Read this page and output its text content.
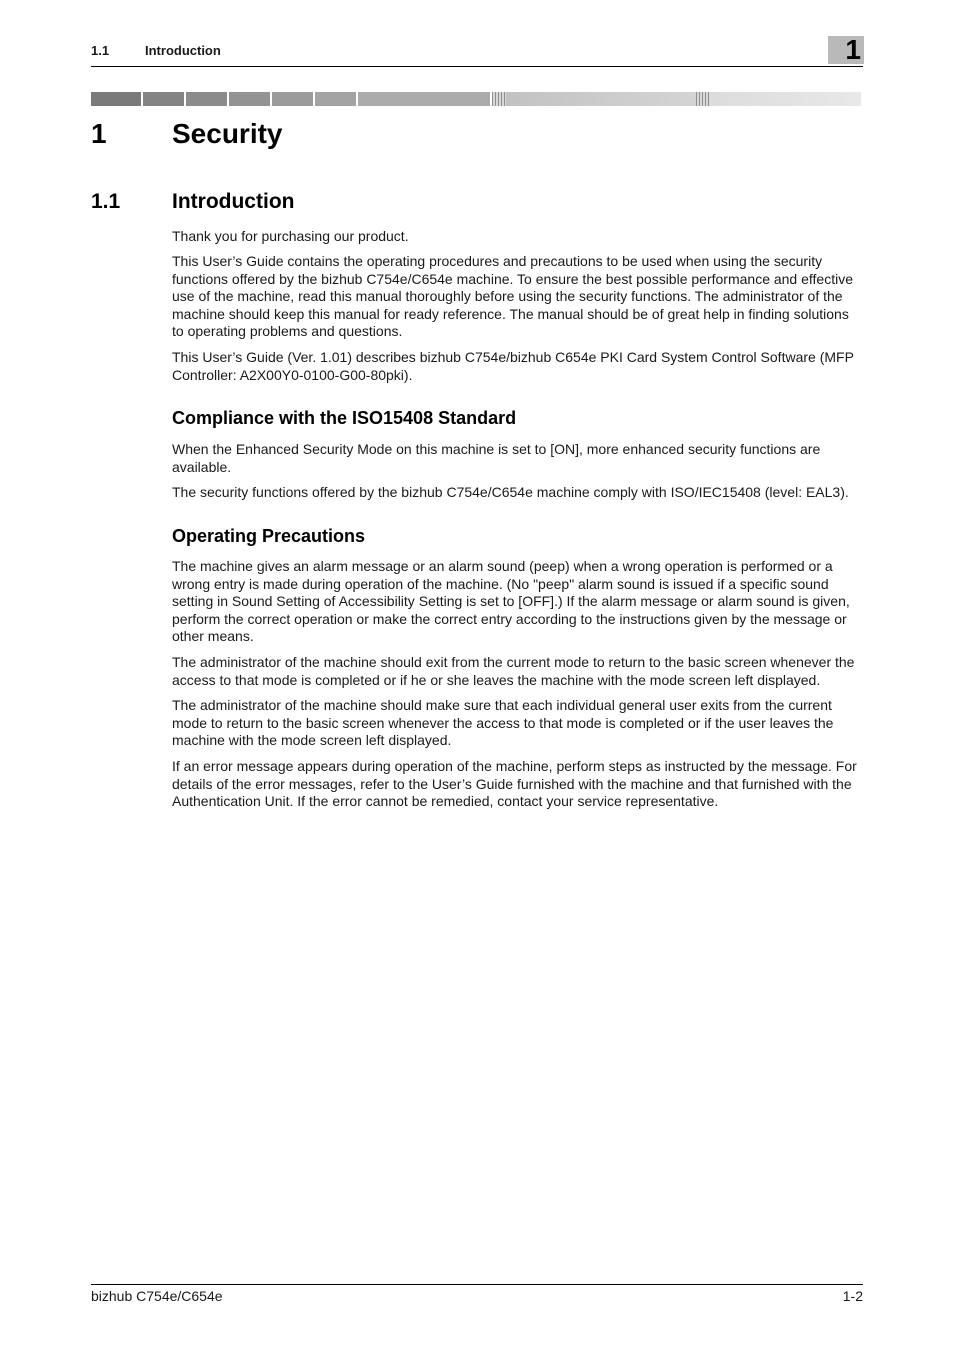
1.1	Introduction	1
1 Security
1.1 Introduction

Thank you for purchasing our product.

This User’s Guide contains the operating procedures and precautions to be used when using the security functions offered by the bizhub C754e/C654e machine. To ensure the best possible performance and effective use of the machine, read this manual thoroughly before using the security functions. The administrator of the machine should keep this manual for ready reference. The manual should be of great help in finding solutions to operating problems and questions.

This User’s Guide (Ver. 1.01) describes bizhub C754e/bizhub C654e PKI Card System Control Software (MFP Controller: A2X00Y0-0100-G00-80pki).

Compliance with the ISO15408 Standard

When the Enhanced Security Mode on this machine is set to [ON], more enhanced security functions are available.

The security functions offered by the bizhub C754e/C654e machine comply with ISO/IEC15408 (level: EAL3).

Operating Precautions

The machine gives an alarm message or an alarm sound (peep) when a wrong operation is performed or a wrong entry is made during operation of the machine. (No "peep" alarm sound is issued if a specific sound setting in Sound Setting of Accessibility Setting is set to [OFF].) If the alarm message or alarm sound is given, perform the correct operation or make the correct entry according to the instructions given by the message or other means.

The administrator of the machine should exit from the current mode to return to the basic screen whenever the access to that mode is completed or if he or she leaves the machine with the mode screen left displayed.

The administrator of the machine should make sure that each individual general user exits from the current mode to return to the basic screen whenever the access to that mode is completed or if the user leaves the machine with the mode screen left displayed.

If an error message appears during operation of the machine, perform steps as instructed by the message. For details of the error messages, refer to the User’s Guide furnished with the machine and that furnished with the Authentication Unit. If the error cannot be remedied, contact your service representative.

bizhub C754e/C654e	1-2
